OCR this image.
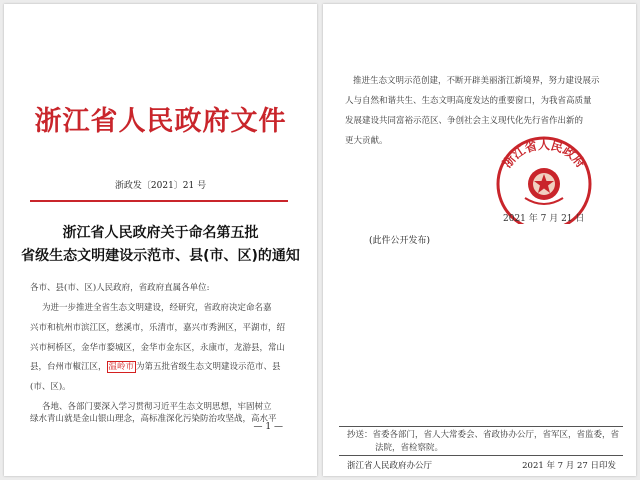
浙江省人民政府文件
浙政发〔2021〕21 号
浙江省人民政府关于命名第五批
省级生态文明建设示范市、县(市、区)的通知
各市、县(市、区)人民政府，省政府直属各单位:
为进一步推进全省生态文明建设，经研究，省政府决定命名嘉
兴市和杭州市滨江区，慈溪市，乐清市，嘉兴市秀洲区，平湖市，绍
兴市柯桥区，金华市婺城区，金华市金东区，永康市，龙游县，常山
县，台州市椒江区， 温岭市 为第五批省级生态文明建设示范市、县
(市、区)。
各地、各部门要深入学习贯彻习近平生态文明思想，牢固树立
绿水青山就是金山银山理念，高标准深化污染防治攻坚战，高水平
— 1 —
推进生态文明示范创建，不断开辟美丽浙江新境界，努力建设展示
人与自然和谐共生、生态文明高度发达的重要窗口，为我省高质量
发展建设共同富裕示范区、争创社会主义现代化先行省作出新的
更大贡献。
浙江省人民政府
2021 年 7 月 21 日
(此件公开发布)
抄送：省委各部门，省人大常委会、省政协办公厅，省军区，省监委，省
法院，省检察院。
浙江省人民政府办公厅	2021 年 7 月 27 日印发
